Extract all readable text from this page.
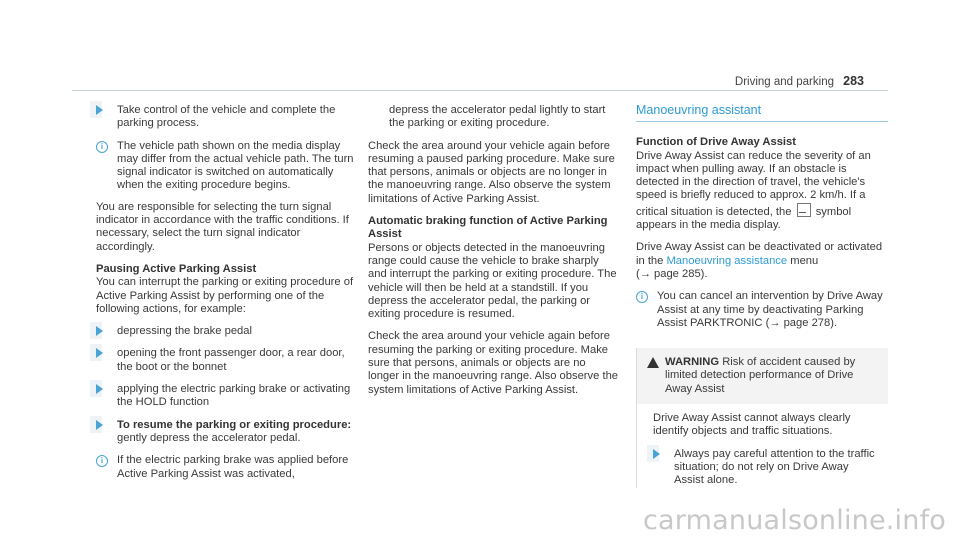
Driving and parking 283

Take control of the vehicle and complete the parking process.

i	The vehicle path shown on the media display may differ from the actual vehicle path. The turn signal indicator is switched on automatically when the exiting procedure begins.

You are responsible for selecting the turn signal indicator in accordance with the traffic conditions. If necessary, select the turn signal indicator accordingly.

Pausing Active Parking Assist

You can interrupt the parking or exiting procedure of Active Parking Assist by performing one of the following actions, for example:

depressing the brake pedal

opening the front passenger door, a rear door, the boot or the bonnet

applying the electric parking brake or activating the HOLD function

To resume the parking or exiting procedure:

gently depress the accelerator pedal.

i	If the electric parking brake was applied before Active Parking Assist was activated,

depress the accelerator pedal lightly to start the parking or exiting procedure.

Check the area around your vehicle again before resuming a paused parking procedure. Make sure that persons, animals or objects are no longer in the manoeuvring range. Also observe the system limitations of Active Parking Assist.

Automatic braking function of Active Parking Assist

Persons or objects detected in the manoeuvring range could cause the vehicle to brake sharply and interrupt the parking or exiting procedure. The vehicle will then be held at a standstill. If you depress the accelerator pedal, the parking or exiting procedure is resumed.

Check the area around your vehicle again before resuming the parking or exiting procedure. Make sure that persons, animals or objects are no longer in the manoeuvring range. Also observe the system limitations of Active Parking Assist.

Manoeuvring assistant

Function of Drive Away Assist

Drive Away Assist can reduce the severity of an impact when pulling away. If an obstacle is detected in the direction of travel, the vehicle's speed is briefly reduced to approx. 2 km/h. If a critical situation is detected, the symbol appears in the media display.

Drive Away Assist can be deactivated or activated in the Manoeuvring assistance menu
(→ page 285).

i	You can cancel an intervention by Drive Away Assist at any time by deactivating Parking Assist PARKTRONIC (→ page 278).

WARNING Risk of accident caused by limited detection performance of Drive Away Assist

Drive Away Assist cannot always clearly identify objects and traffic situations.

Always pay careful attention to the traffic situation; do not rely on Drive Away Assist alone.

carmanualsonline.info
